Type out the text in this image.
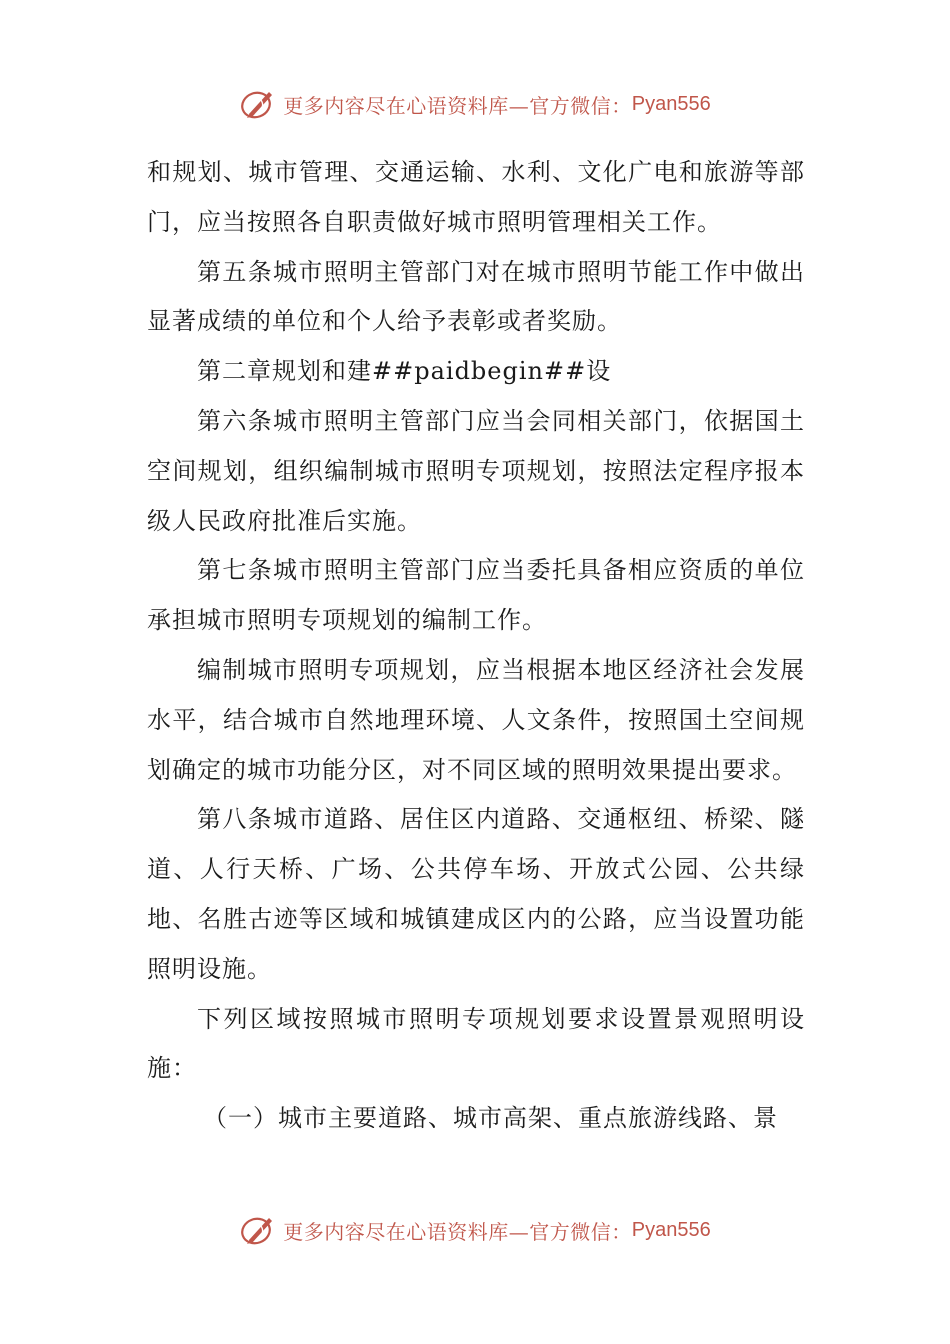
更多内容尽在心语资料库—官方微信： Pyan556

和规划、城市管理、交通运输、水利、文化广电和旅游等部门，应当按照各自职责做好城市照明管理相关工作。

第五条城市照明主管部门对在城市照明节能工作中做出显著成绩的单位和个人给予表彰或者奖励。

第二章规划和建##paidbegin##设

第六条城市照明主管部门应当会同相关部门，依据国土空间规划，组织编制城市照明专项规划，按照法定程序报本级人民政府批准后实施。

第七条城市照明主管部门应当委托具备相应资质的单位承担城市照明专项规划的编制工作。

编制城市照明专项规划，应当根据本地区经济社会发展水平，结合城市自然地理环境、人文条件，按照国土空间规划确定的城市功能分区，对不同区域的照明效果提出要求。

第八条城市道路、居住区内道路、交通枢纽、桥梁、隧道、人行天桥、广场、公共停车场、开放式公园、公共绿地、名胜古迹等区域和城镇建成区内的公路，应当设置功能照明设施。

下列区域按照城市照明专项规划要求设置景观照明设施：

（一）城市主要道路、城市高架、重点旅游线路、景

更多内容尽在心语资料库—官方微信： Pyan556
